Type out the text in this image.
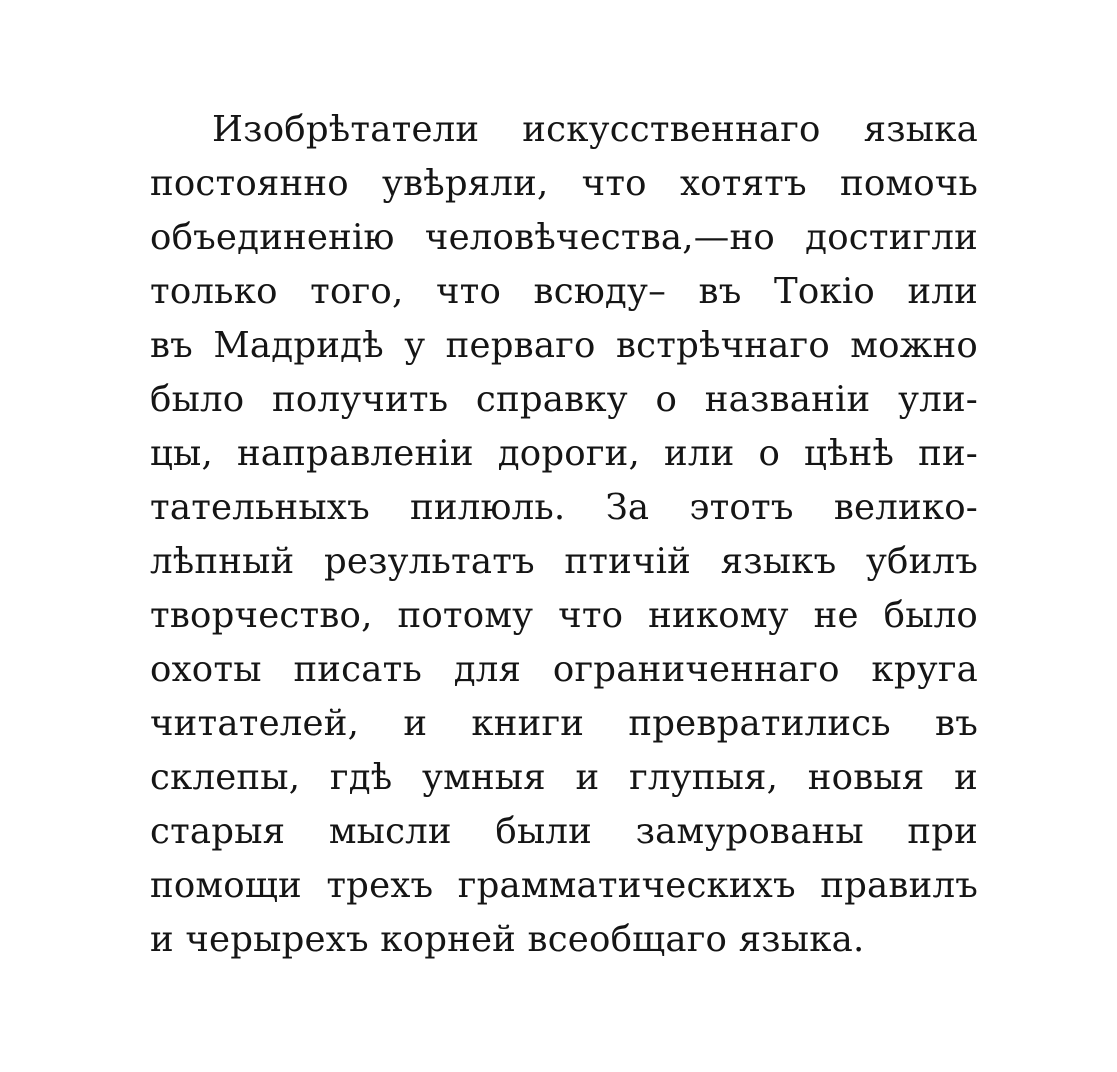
Изобрѣтатели искусственнаго языка
постоянно увѣряли, что хотятъ помочь
объединенію человѣчества,—но достигли
только того, что всюду– въ Токіо или
въ Мадридѣ у перваго встрѣчнаго можно
было получить справку о названіи ули-
цы, направленіи дороги, или о цѣнѣ пи-
тательныхъ пилюль. За этотъ велико-
лѣпный результатъ птичій языкъ убилъ
творчество, потому что никому не было
охоты писать для ограниченнаго круга
читателей, и книги превратились въ
склепы, гдѣ умныя и глупыя, новыя и
старыя мысли были замурованы при
помощи трехъ грамматическихъ правилъ
и черырехъ корней всеобщаго языка.
